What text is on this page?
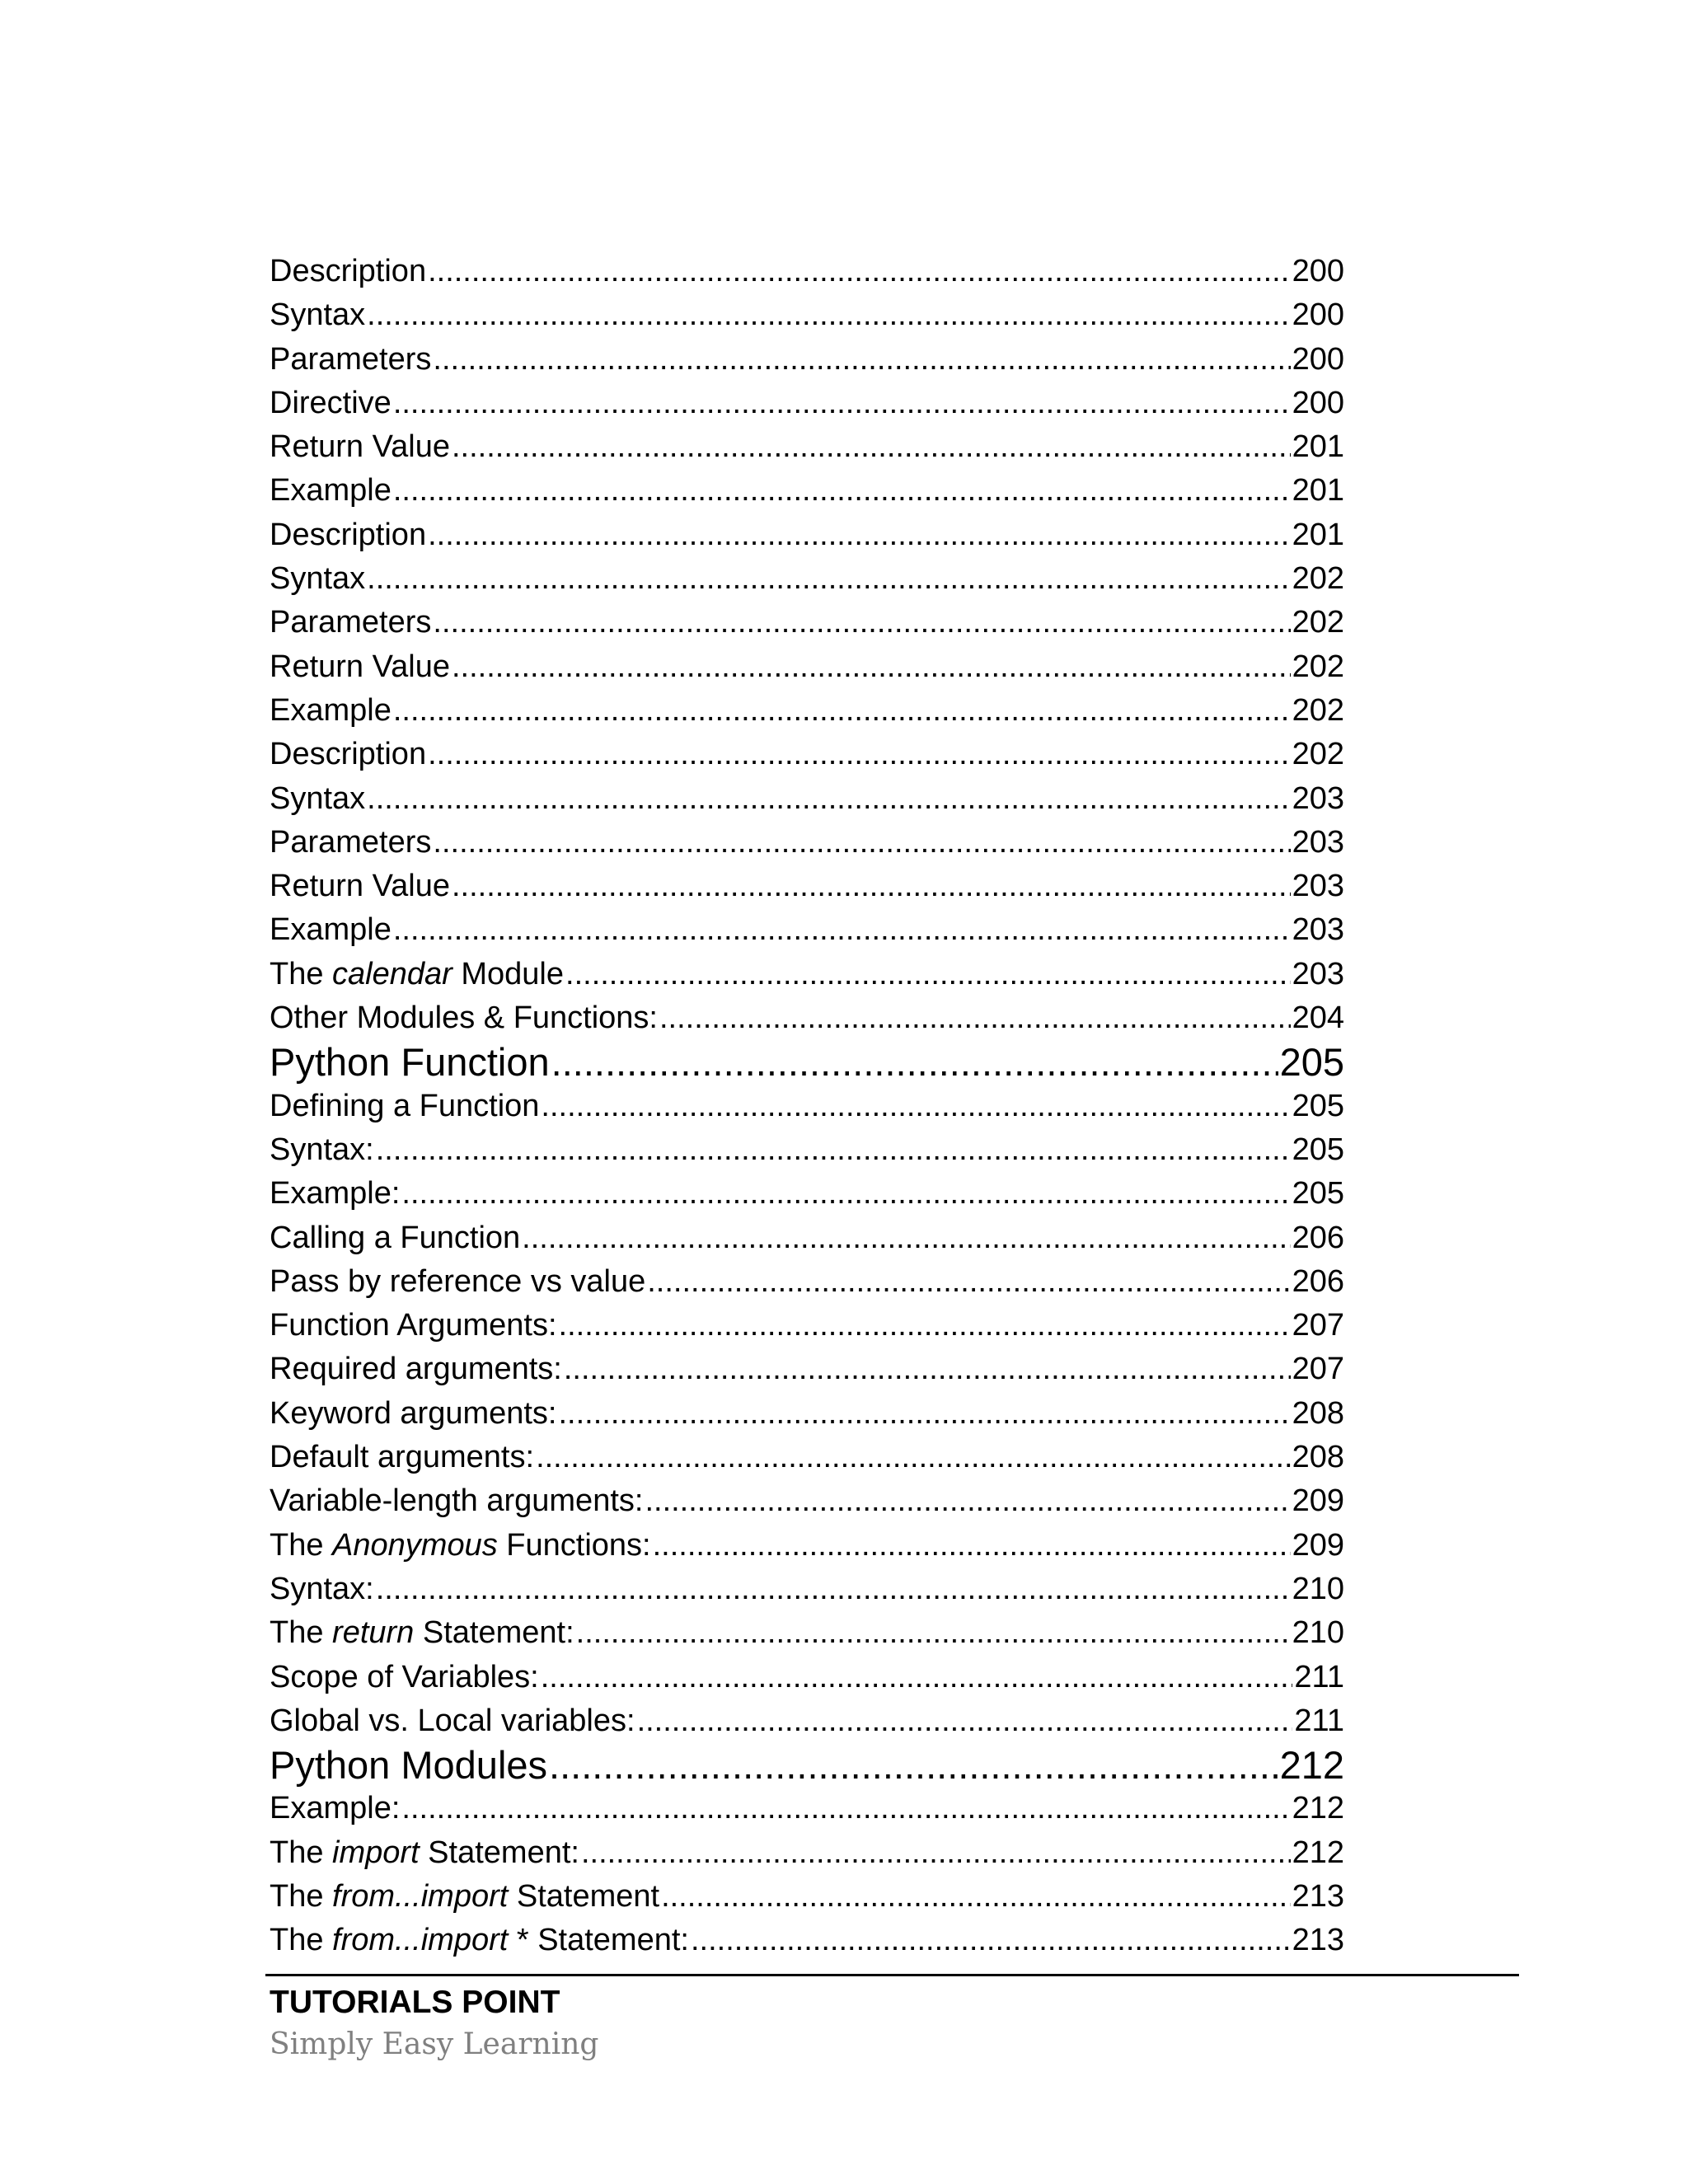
Description .....	200
Syntax .....	200
Parameters .....	200
Directive .....	200
Return Value .....	201
Example .....	201
Description .....	201
Syntax .....	202
Parameters .....	202
Return Value .....	202
Example .....	202
Description .....	202
Syntax .....	203
Parameters .....	203
Return Value .....	203
Example .....	203
The calendar Module .....	203
Other Modules & Functions: .....	204
Python Function .....	205
Defining a Function .....	205
Syntax: .....	205
Example: .....	205
Calling a Function .....	206
Pass by reference vs value .....	206
Function Arguments: .....	207
Required arguments: .....	207
Keyword arguments: .....	208
Default arguments: .....	208
Variable-length arguments: .....	209
The Anonymous Functions: .....	209
Syntax: .....	210
The return Statement: .....	210
Scope of Variables: .....	211
Global vs. Local variables: .....	211
Python Modules .....	212
Example: .....	212
The import Statement: .....	212
The from...import Statement .....	213
The from...import * Statement: .....	213
TUTORIALS POINT
Simply Easy Learning
